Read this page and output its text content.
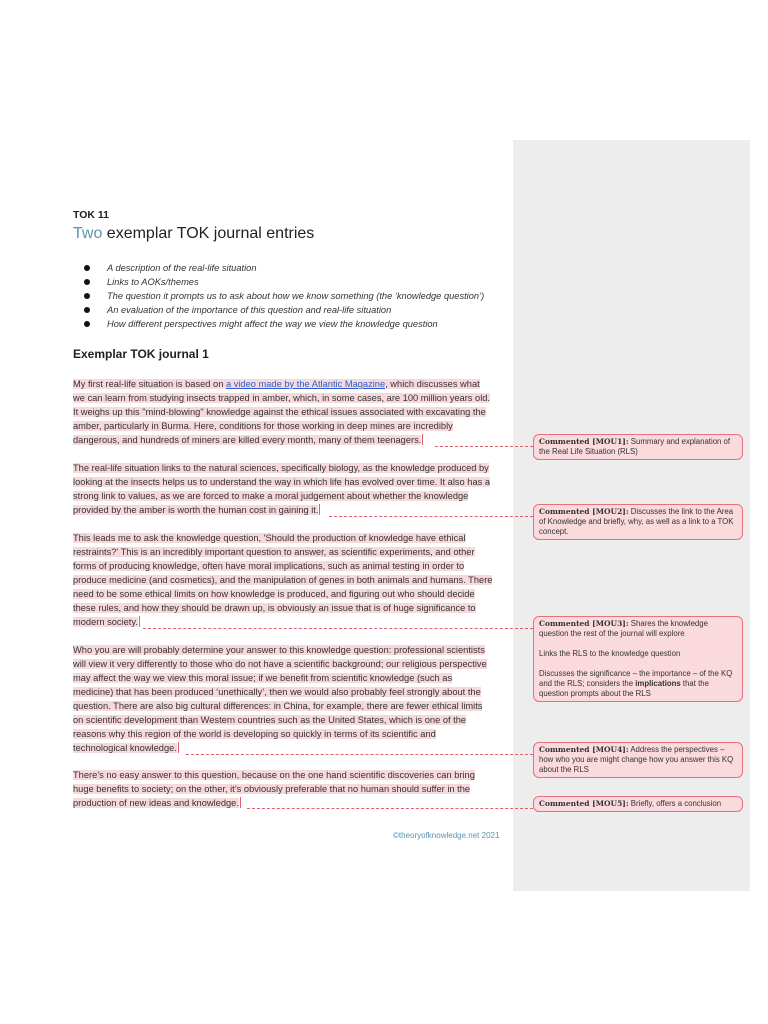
TOK 11
Two exemplar TOK journal entries
A description of the real-life situation
Links to AOKs/themes
The question it prompts us to ask about how we know something (the ‘knowledge question’)
An evaluation of the importance of this question and real-life situation
How different perspectives might affect the way we view the knowledge question
Exemplar TOK journal 1
My first real-life situation is based on a video made by the Atlantic Magazine, which discusses what
we can learn from studying insects trapped in amber, which, in some cases, are 100 million years old.
It weighs up this "mind-blowing" knowledge against the ethical issues associated with excavating the
amber, particularly in Burma. Here, conditions for those working in deep mines are incredibly
dangerous, and hundreds of miners are killed every month, many of them teenagers.
The real-life situation links to the natural sciences, specifically biology, as the knowledge produced by
looking at the insects helps us to understand the way in which life has evolved over time. It also has a
strong link to values, as we are forced to make a moral judgement about whether the knowledge
provided by the amber is worth the human cost in gaining it.
This leads me to ask the knowledge question, 'Should the production of knowledge have ethical
restraints?' This is an incredibly important question to answer, as scientific experiments, and other
forms of producing knowledge, often have moral implications, such as animal testing in order to
produce medicine (and cosmetics), and the manipulation of genes in both animals and humans. There
need to be some ethical limits on how knowledge is produced, and figuring out who should decide
these rules, and how they should be drawn up, is obviously an issue that is of huge significance to
modern society.
Who you are will probably determine your answer to this knowledge question: professional scientists
will view it very differently to those who do not have a scientific background; our religious perspective
may affect the way we view this moral issue; if we benefit from scientific knowledge (such as
medicine) that has been produced ‘unethically’, then we would also probably feel strongly about the
question. There are also big cultural differences: in China, for example, there are fewer ethical limits
on scientific development than Western countries such as the United States, which is one of the
reasons why this region of the world is developing so quickly in terms of its scientific and
technological knowledge.
There’s no easy answer to this question, because on the one hand scientific discoveries can bring
huge benefits to society; on the other, it’s obviously preferable that no human should suffer in the
production of new ideas and knowledge.

Commented [MOU1]: Summary and explanation of the Real Life Situation (RLS)

Commented [MOU2]: Discusses the link to the Area of Knowledge and briefly, why, as well as a link to a TOK concept.

Commented [MOU3]: Shares the knowledge question the rest of the journal will explore

Links the RLS to the knowledge question

Discusses the significance – the importance – of the KQ and the RLS; considers the implications that the question prompts about the RLS

Commented [MOU4]: Address the perspectives – how who you are might change how you answer this KQ about the RLS

Commented [MOU5]: Briefly, offers a conclusion

©theoryofknowledge.net 2021
